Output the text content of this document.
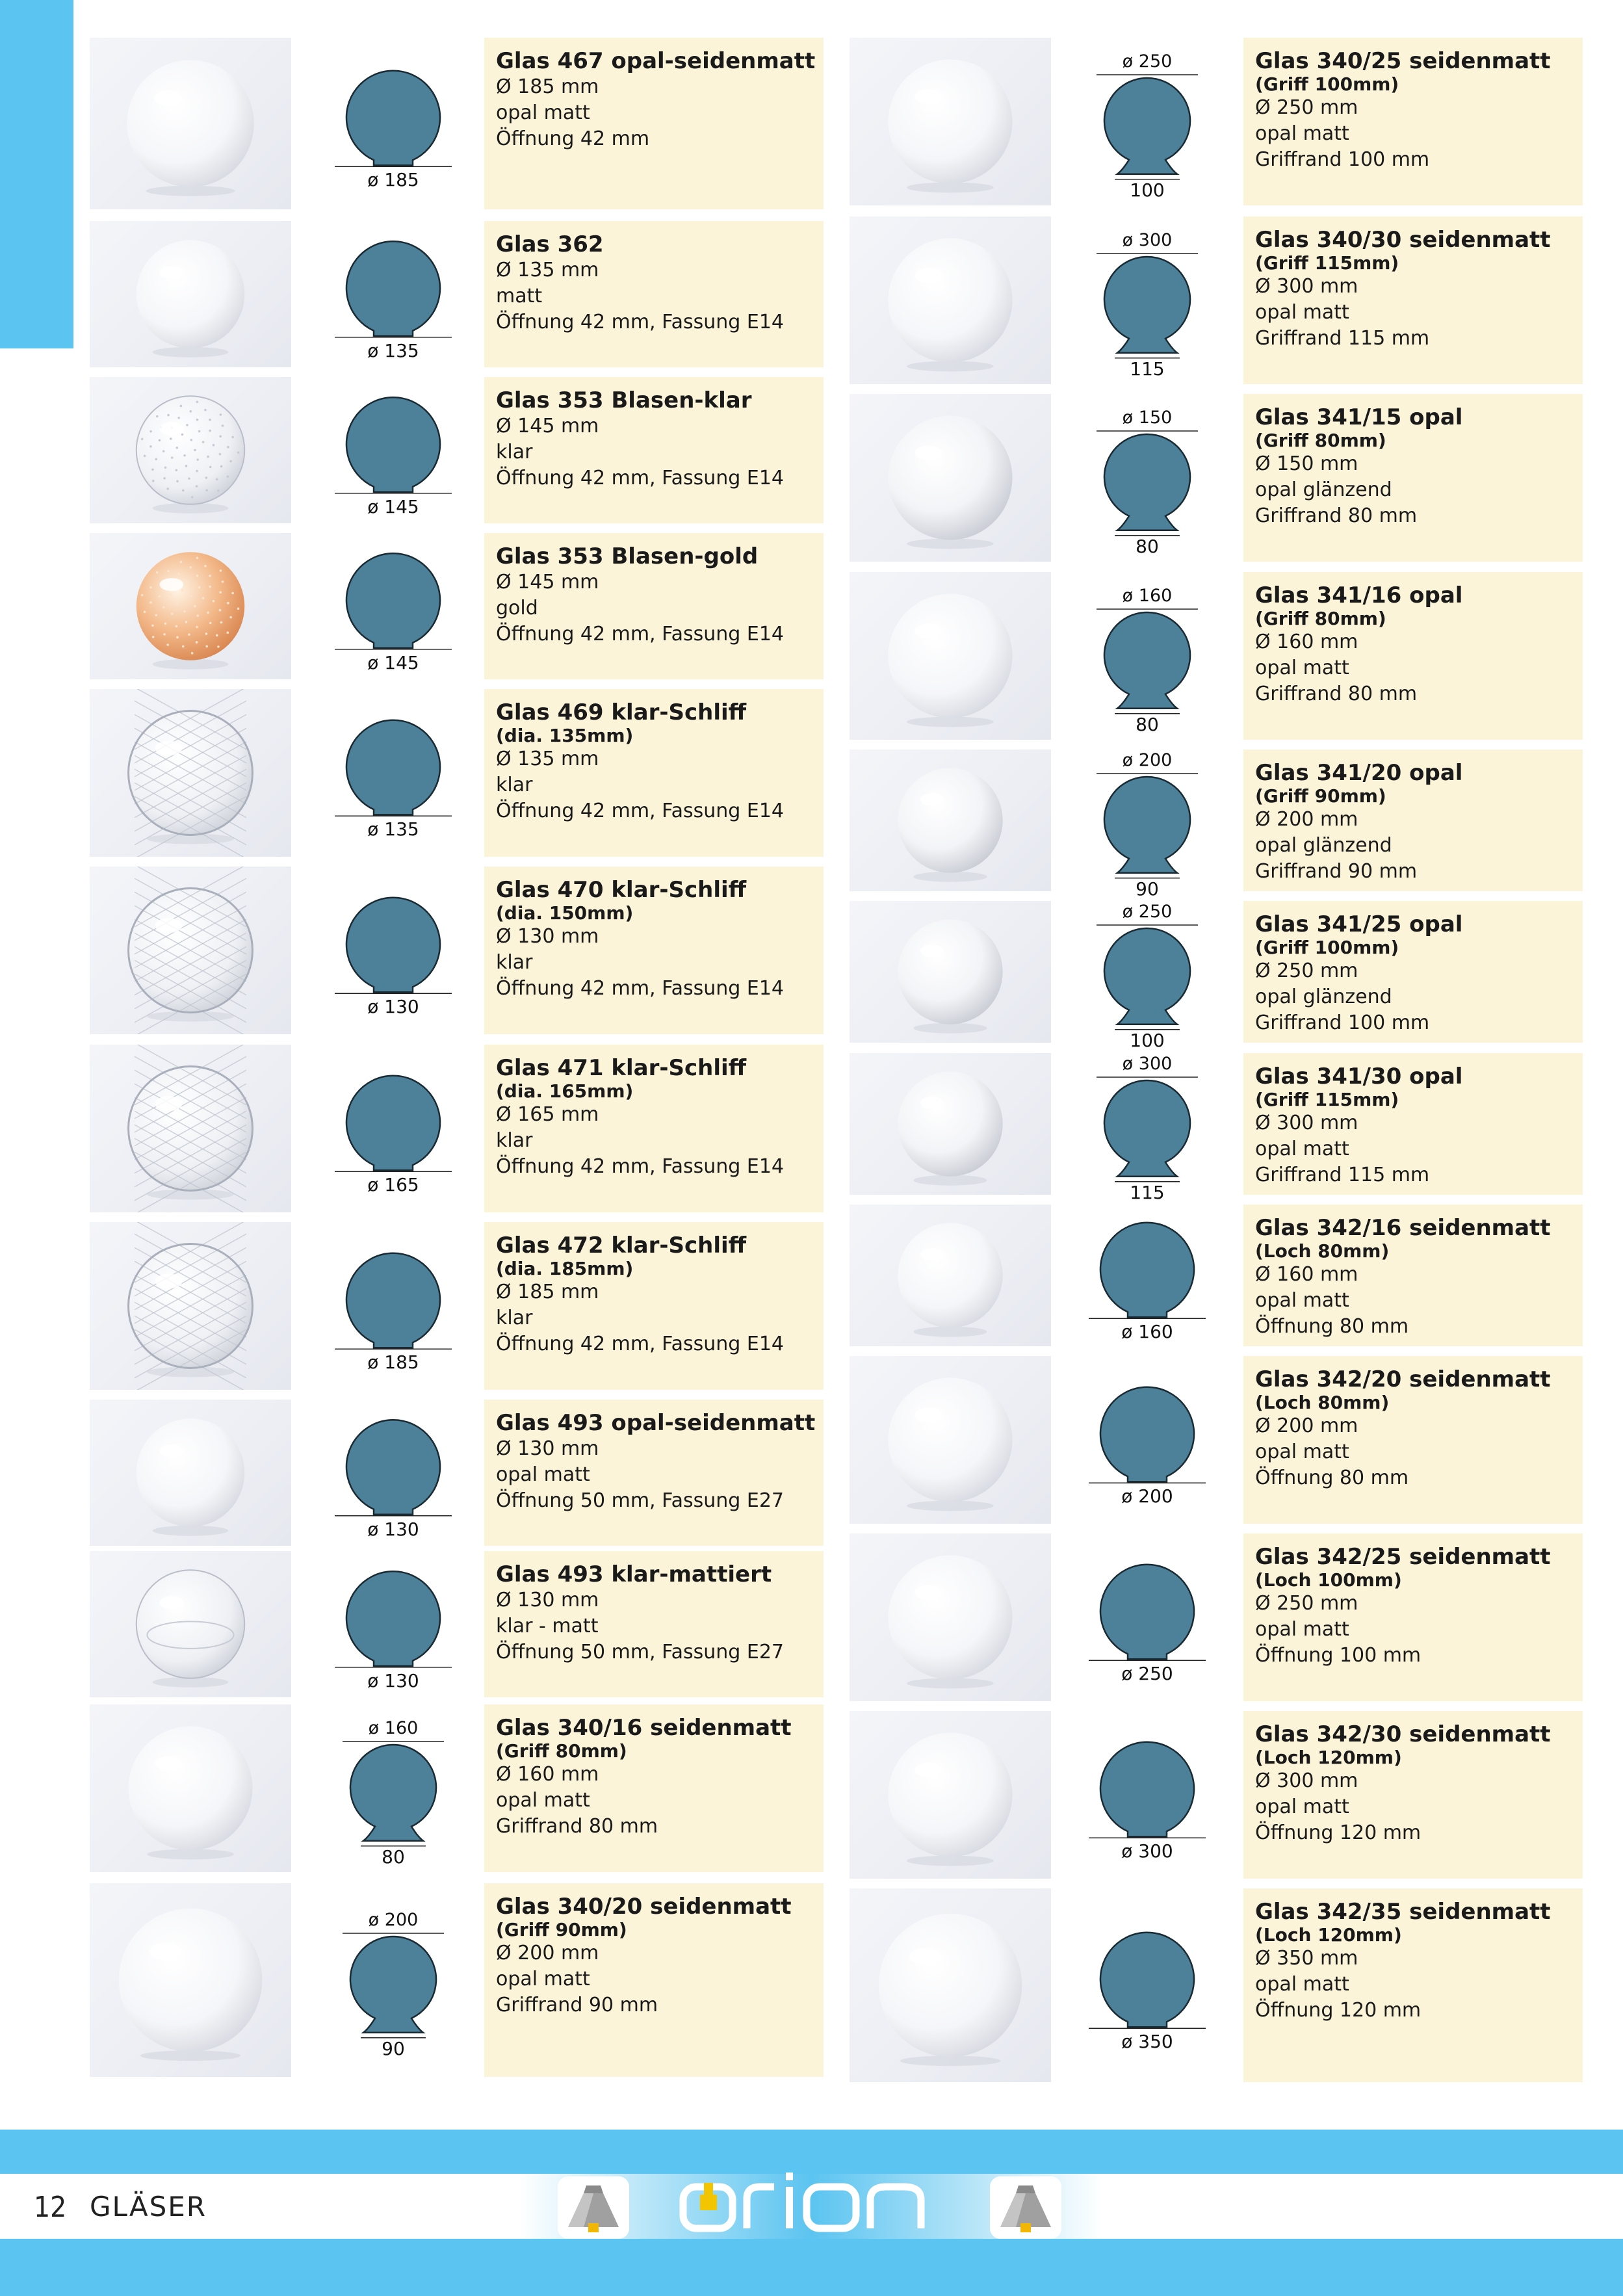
ø 185
Glas 467 opal-seidenmatt
Ø 185 mm
opal matt
Öffnung 42 mm
ø 135
Glas 362
Ø 135 mm
matt
Öffnung 42 mm, Fassung E14
ø 145
Glas 353 Blasen-klar
Ø 145 mm
klar
Öffnung 42 mm, Fassung E14
ø 145
Glas 353 Blasen-gold
Ø 145 mm
gold
Öffnung 42 mm, Fassung E14
ø 135
Glas 469 klar-Schliff
(dia. 135mm)
Ø 135 mm
klar
Öffnung 42 mm, Fassung E14
ø 130
Glas 470 klar-Schliff
(dia. 150mm)
Ø 130 mm
klar
Öffnung 42 mm, Fassung E14
ø 165
Glas 471 klar-Schliff
(dia. 165mm)
Ø 165 mm
klar
Öffnung 42 mm, Fassung E14
ø 185
Glas 472 klar-Schliff
(dia. 185mm)
Ø 185 mm
klar
Öffnung 42 mm, Fassung E14
ø 130
Glas 493 opal-seidenmatt
Ø 130 mm
opal matt
Öffnung 50 mm, Fassung E27
ø 130
Glas 493 klar-mattiert
Ø 130 mm
klar - matt
Öffnung 50 mm, Fassung E27
ø 160
80
Glas 340/16 seidenmatt
(Griff 80mm)
Ø 160 mm
opal matt
Griffrand 80 mm
ø 200
90
Glas 340/20 seidenmatt
(Griff 90mm)
Ø 200 mm
opal matt
Griffrand 90 mm
ø 250
100
Glas 340/25 seidenmatt
(Griff 100mm)
Ø 250 mm
opal matt
Griffrand 100 mm
ø 300
115
Glas 340/30 seidenmatt
(Griff 115mm)
Ø 300 mm
opal matt
Griffrand 115 mm
ø 150
80
Glas 341/15 opal
(Griff 80mm)
Ø 150 mm
opal glänzend
Griffrand 80 mm
ø 160
80
Glas 341/16 opal
(Griff 80mm)
Ø 160 mm
opal matt
Griffrand 80 mm
ø 200
90
Glas 341/20 opal
(Griff 90mm)
Ø 200 mm
opal glänzend
Griffrand 90 mm
ø 250
100
Glas 341/25 opal
(Griff 100mm)
Ø 250 mm
opal glänzend
Griffrand 100 mm
ø 300
115
Glas 341/30 opal
(Griff 115mm)
Ø 300 mm
opal matt
Griffrand 115 mm
ø 160
Glas 342/16 seidenmatt
(Loch 80mm)
Ø 160 mm
opal matt
Öffnung 80 mm
ø 200
Glas 342/20 seidenmatt
(Loch 80mm)
Ø 200 mm
opal matt
Öffnung 80 mm
ø 250
Glas 342/25 seidenmatt
(Loch 100mm)
Ø 250 mm
opal matt
Öffnung 100 mm
ø 300
Glas 342/30 seidenmatt
(Loch 120mm)
Ø 300 mm
opal matt
Öffnung 120 mm
ø 350
Glas 342/35 seidenmatt
(Loch 120mm)
Ø 350 mm
opal matt
Öffnung 120 mm
12 GLÄSER
orion
